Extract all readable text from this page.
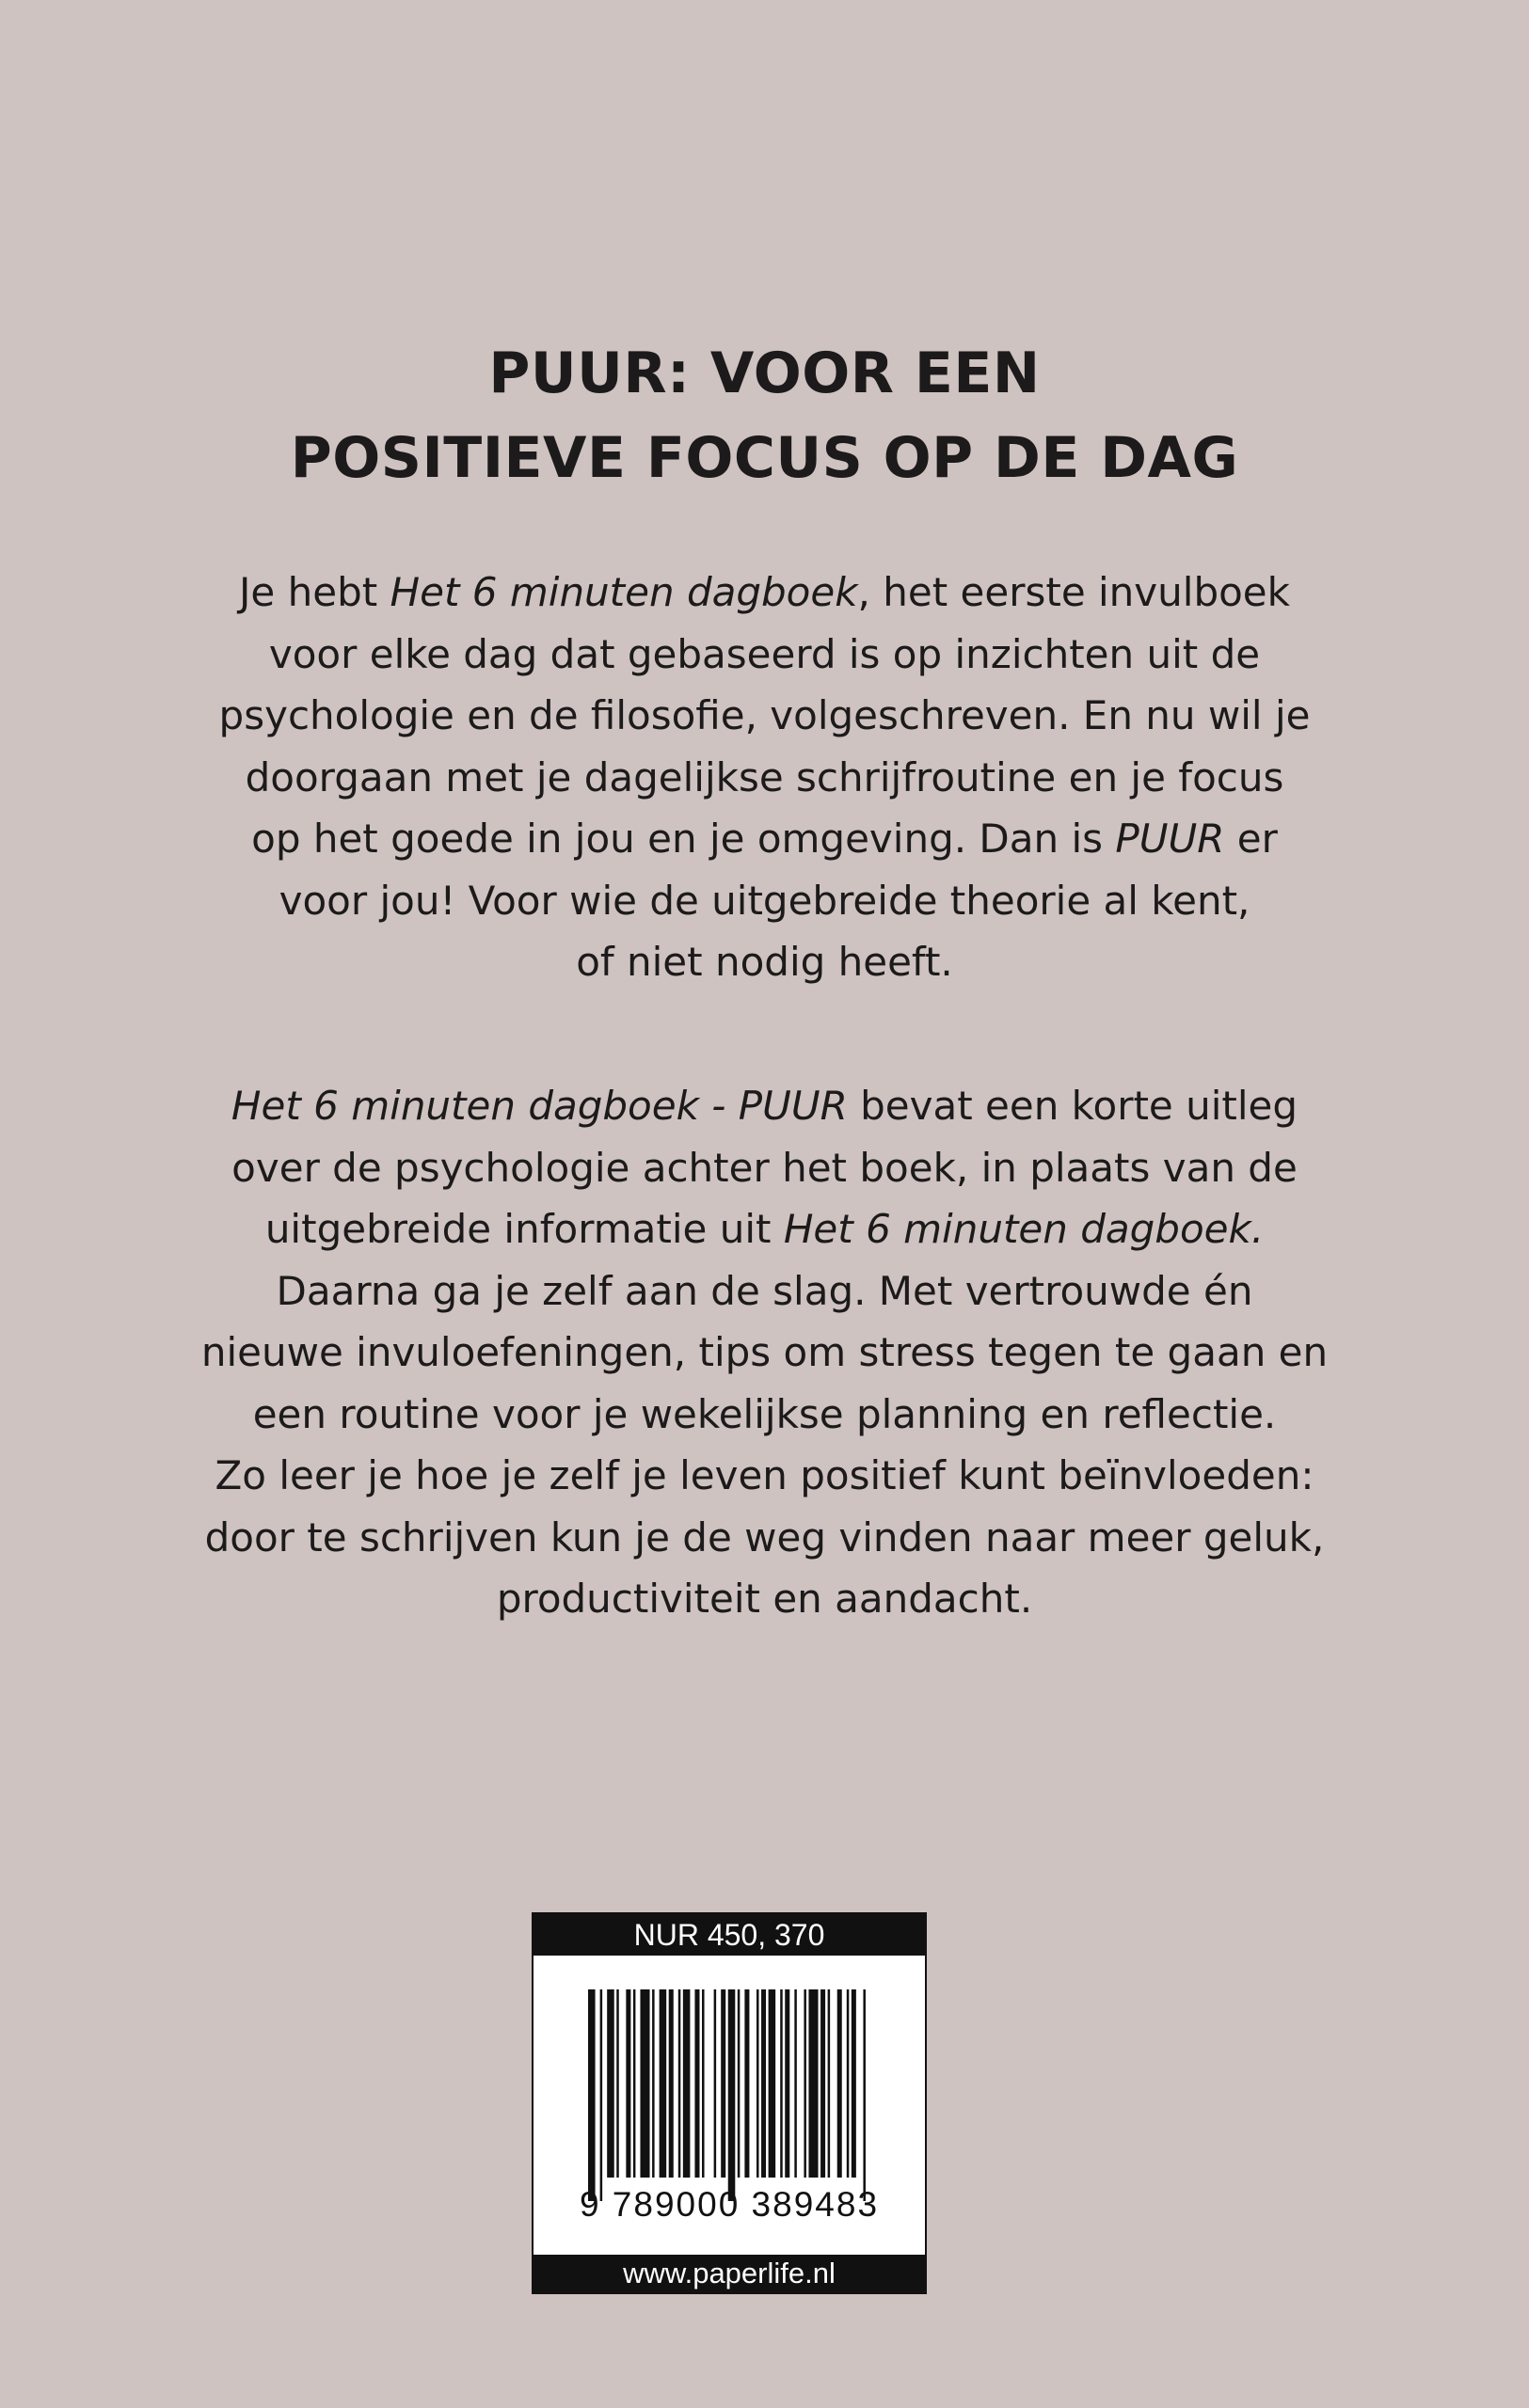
PUUR: VOOR EEN
POSITIEVE FOCUS OP DE DAG

Je hebt Het 6 minuten dagboek, het eerste invulboek
voor elke dag dat gebaseerd is op inzichten uit de
psychologie en de filosofie, volgeschreven. En nu wil je
doorgaan met je dagelijkse schrijfroutine en je focus
op het goede in jou en je omgeving. Dan is PUUR er
voor jou! Voor wie de uitgebreide theorie al kent,
of niet nodig heeft.

Het 6 minuten dagboek - PUUR bevat een korte uitleg
over de psychologie achter het boek, in plaats van de
uitgebreide informatie uit Het 6 minuten dagboek.
Daarna ga je zelf aan de slag. Met vertrouwde én
nieuwe invuloefeningen, tips om stress tegen te gaan en
een routine voor je wekelijkse planning en reflectie.
Zo leer je hoe je zelf je leven positief kunt beïnvloeden:
door te schrijven kun je de weg vinden naar meer geluk,
productiviteit en aandacht.

NUR 450, 370
9 789000 389483
www.paperlife.nl
